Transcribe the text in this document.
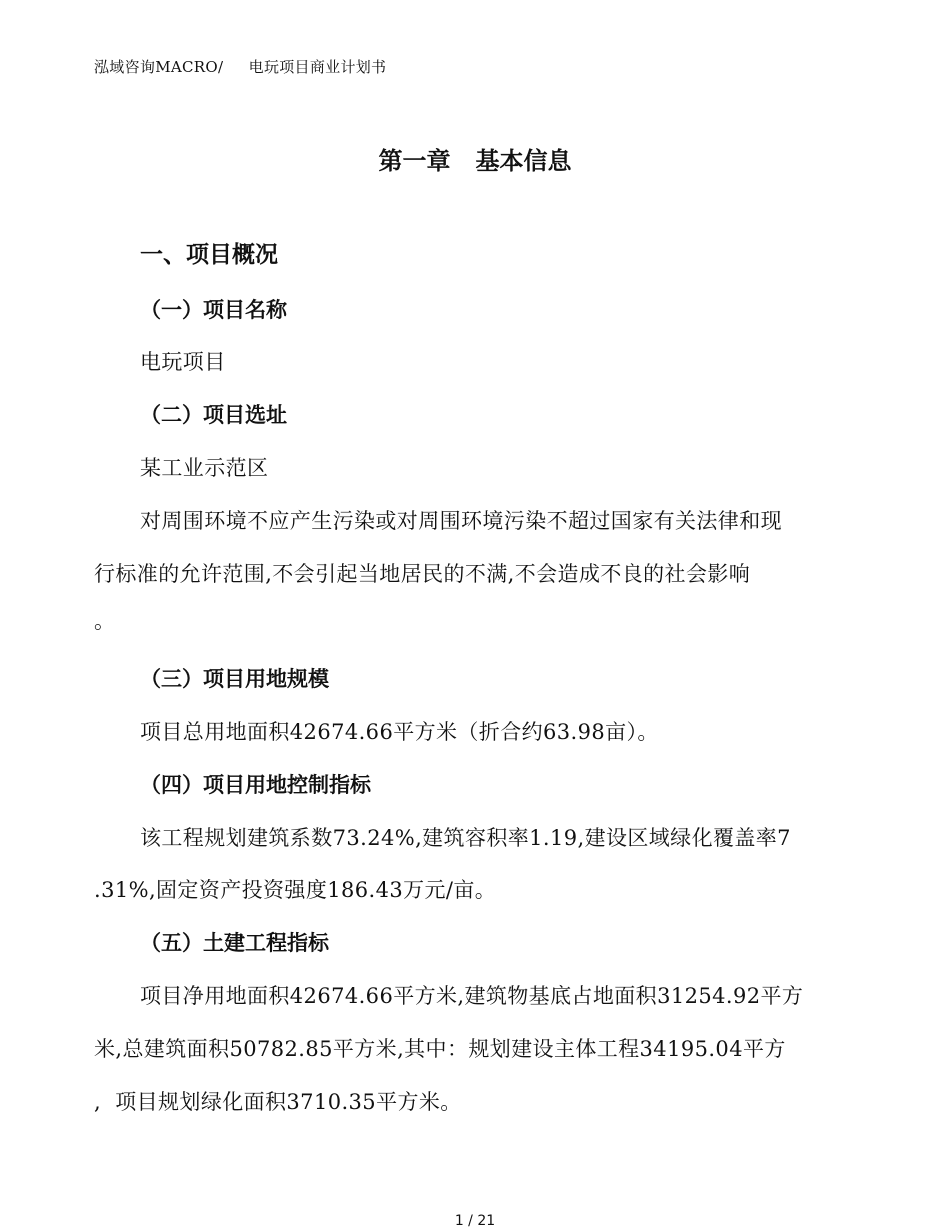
泓域咨询MACRO/     电玩项目商业计划书
第一章   基本信息
一、项目概况
（一）项目名称
电玩项目
（二）项目选址
某工业示范区
对周围环境不应产生污染或对周围环境污染不超过国家有关法律和现
行标准的允许范围,不会引起当地居民的不满,不会造成不良的社会影响
。
（三）项目用地规模
项目总用地面积42674.66平方米（折合约63.98亩）。
（四）项目用地控制指标
该工程规划建筑系数73.24%,建筑容积率1.19,建设区域绿化覆盖率7
.31%,固定资产投资强度186.43万元/亩。
（五）土建工程指标
项目净用地面积42674.66平方米,建筑物基底占地面积31254.92平方
米,总建筑面积50782.85平方米,其中：规划建设主体工程34195.04平方
,  项目规划绿化面积3710.35平方米。
1 / 21
